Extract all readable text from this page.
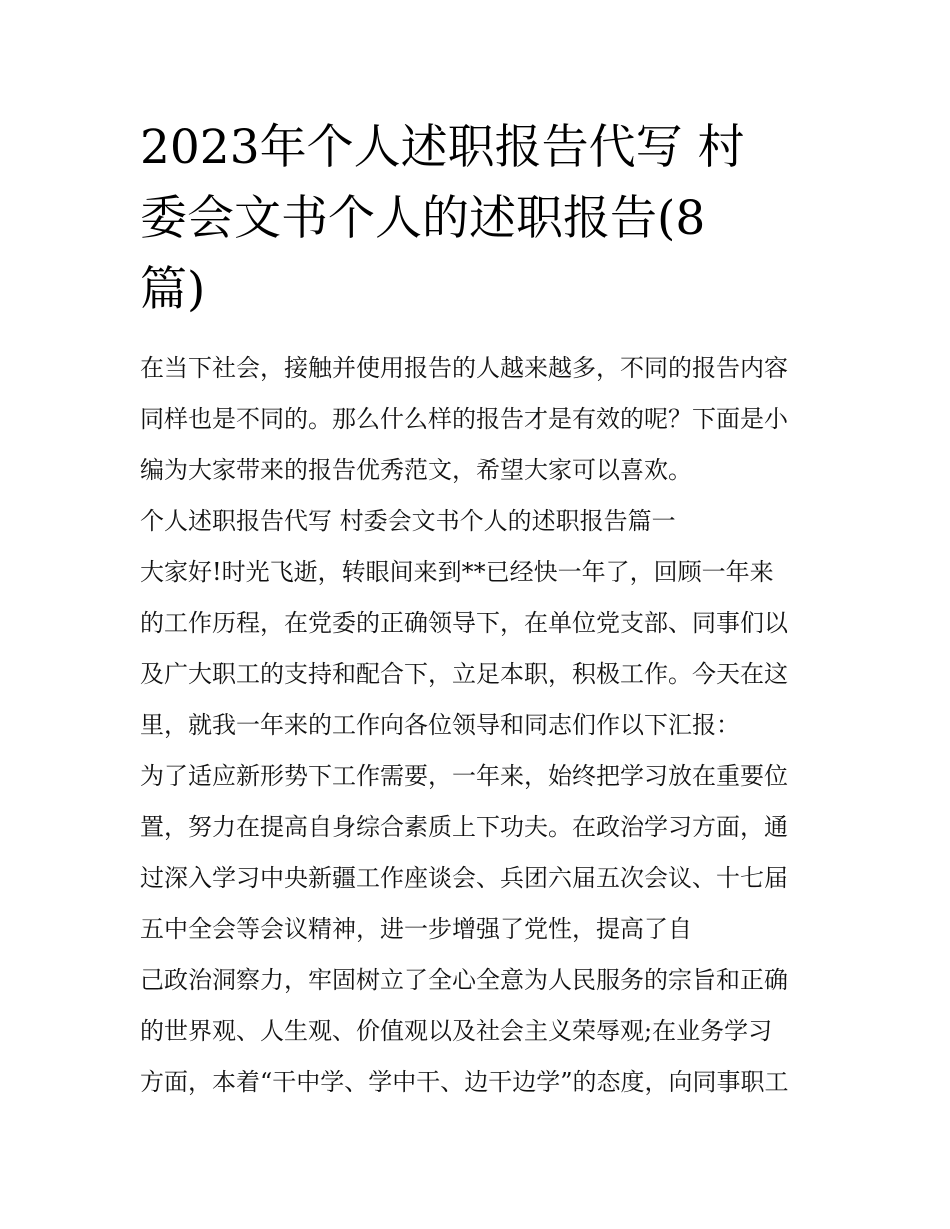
2023年个人述职报告代写 村
委会文书个人的述职报告(8
篇)
在当下社会，接触并使用报告的人越来越多，不同的报告内容
同样也是不同的。那么什么样的报告才是有效的呢？下面是小
编为大家带来的报告优秀范文，希望大家可以喜欢。
个人述职报告代写 村委会文书个人的述职报告篇一
大家好!时光飞逝，转眼间来到**已经快一年了，回顾一年来
的工作历程，在党委的正确领导下，在单位党支部、同事们以
及广大职工的支持和配合下，立足本职，积极工作。今天在这
里，就我一年来的工作向各位领导和同志们作以下汇报：
为了适应新形势下工作需要，一年来，始终把学习放在重要位
置，努力在提高自身综合素质上下功夫。在政治学习方面，通
过深入学习中央新疆工作座谈会、兵团六届五次会议、十七届
五中全会等会议精神，进一步增强了党性，提高了自
己政治洞察力，牢固树立了全心全意为人民服务的宗旨和正确
的世界观、人生观、价值观以及社会主义荣辱观;在业务学习
方面，本着“干中学、学中干、边干边学”的态度，向同事职工
